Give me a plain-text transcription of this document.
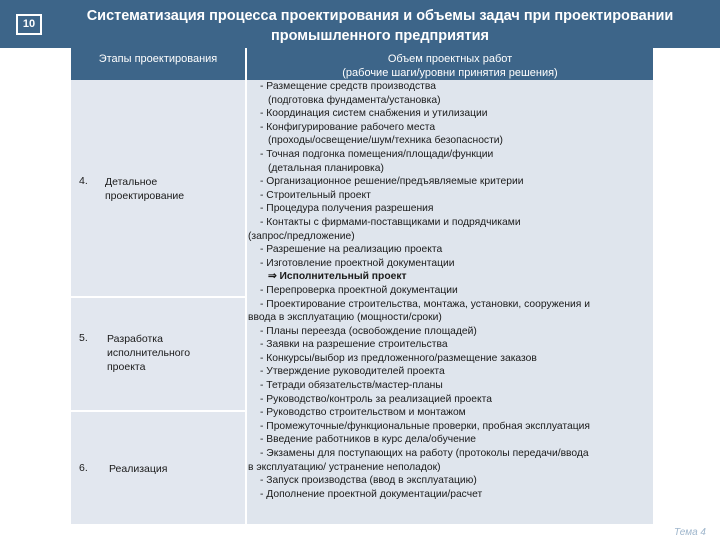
10	Систематизация процесса проектирования и объемы задач при проектировании промышленного предприятия
Этапы проектирования	Объем проектных работ
(рабочие шаги/уровни принятия решения)
4. Детальное
проектирование
5. Разработка
исполнительного
проекта
6. Реализация
- Размещение средств производства
(подготовка фундамента/установка)
- Координация систем снабжения и утилизации
- Конфигурирование рабочего места
(проходы/освещение/шум/техника безопасности)
- Точная подгонка помещения/площади/функции
(детальная планировка)
- Организационное решение/предъявляемые критерии
- Строительный проект
- Процедура получения разрешения
- Контакты с фирмами-поставщиками и подрядчиками
(запрос/предложение)
- Разрешение на реализацию проекта
- Изготовление проектной документации
⇒ Исполнительный проект
- Перепроверка проектной документации
- Проектирование строительства, монтажа, установки, сооружения и
ввода в эксплуатацию (мощности/сроки)
- Планы переезда (освобождение площадей)
- Заявки на разрешение строительства
- Конкурсы/выбор из предложенного/размещение заказов
- Утверждение руководителей проекта
- Тетради обязательств/мастер-планы
- Руководство/контроль за реализацией проекта
- Руководство строительством и монтажом
- Промежуточные/функциональные проверки, пробная эксплуатация
- Введение работников в курс дела/обучение
- Экзамены для поступающих на работу (протоколы передачи/ввода
в эксплуатацию/ устранение неполадок)
- Запуск производства (ввод в эксплуатацию)
- Дополнение проектной документации/расчет
Тема 4
